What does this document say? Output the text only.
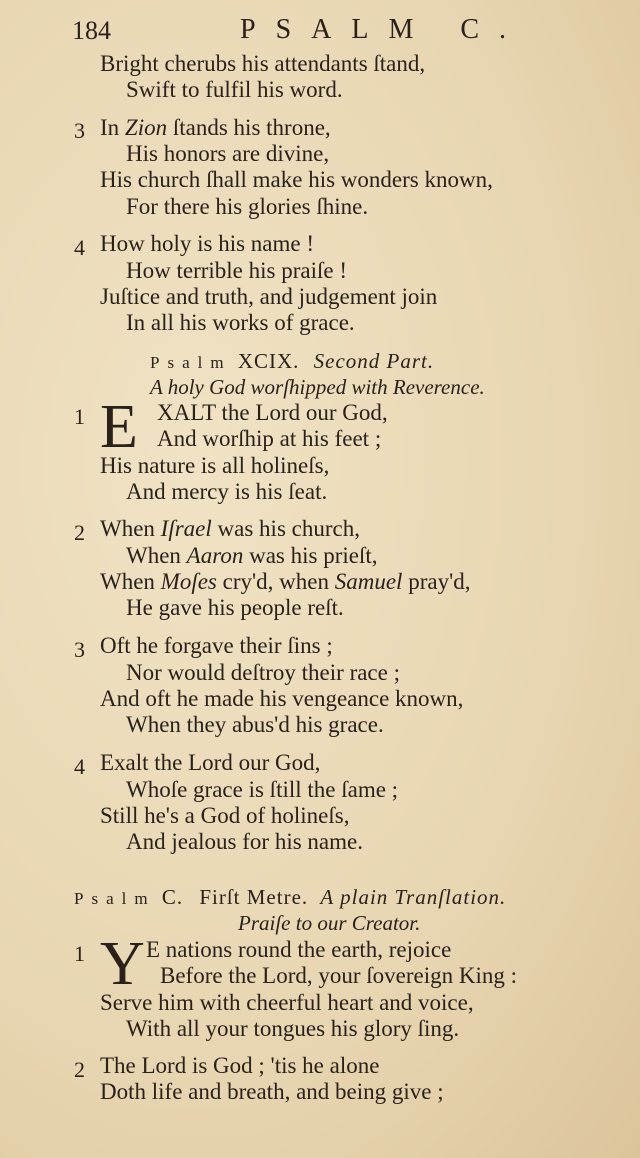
184	PSALM C.
Bright cherubs his attendants ſtand,
Swift to fulfil his word.
3 In Zion ſtands his throne,
His honors are divine,
His church ſhall make his wonders known,
For there his glories ſhine.
4 How holy is his name !
How terrible his praiſe !
Juſtice and truth, and judgement join
In all his works of grace.
Psalm XCIX. Second Part.
A holy God worſhipped with Reverence.
1 E XALT the Lord our God,
And worſhip at his feet ;
His nature is all holineſs,
And mercy is his ſeat.
2 When Iſrael was his church,
When Aaron was his prieſt,
When Moſes cry'd, when Samuel pray'd,
He gave his people reſt.
3 Oft he forgave their ſins ;
Nor would deſtroy their race ;
And oft he made his vengeance known,
When they abus'd his grace.
4 Exalt the Lord our God,
Whoſe grace is ſtill the ſame ;
Still he's a God of holineſs,
And jealous for his name.
Psalm C. Firſt Metre. A plain Tranſlation.
Praiſe to our Creator.
1 Y E nations round the earth, rejoice
Before the Lord, your ſovereign King :
Serve him with cheerful heart and voice,
With all your tongues his glory ſing.
2 The Lord is God ; 'tis he alone
Doth life and breath, and being give ;
